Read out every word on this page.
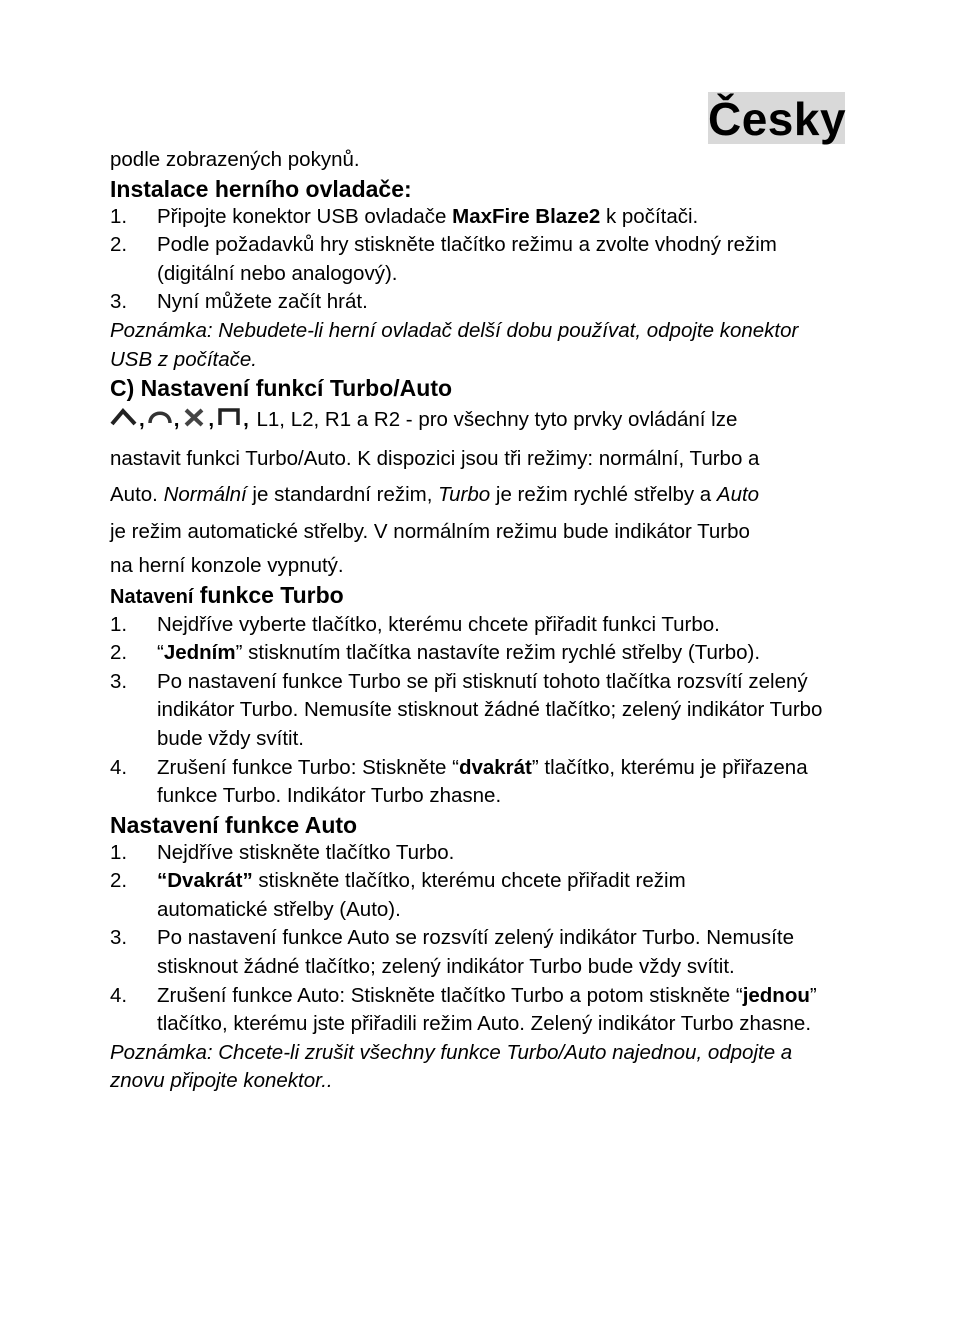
Česky

podle zobrazených pokynů.

Instalace herního ovladače:

1. Připojte konektor USB ovladače MaxFire Blaze2 k počítači.
2. Podle požadavků hry stiskněte tlačítko režimu a zvolte vhodný režim (digitální nebo analogový).
3. Nyní můžete začít hrát.

Poznámka: Nebudete-li herní ovladač delší dobu používat, odpojte konektor USB z počítače.

C) Nastavení funkcí Turbo/Auto

, , , , L1, L2, R1 a R2 - pro všechny tyto prvky ovládání lze

nastavit funkci Turbo/Auto. K dispozici jsou tři režimy: normální, Turbo a

Auto. Normální je standardní režim, Turbo je režim rychlé střelby a Auto

je režim automatické střelby. V normálním režimu bude indikátor Turbo

na herní konzole vypnutý.

Natavení funkce Turbo

1. Nejdříve vyberte tlačítko, kterému chcete přiřadit funkci Turbo.
2. “Jedním” stisknutím tlačítka nastavíte režim rychlé střelby (Turbo).
3. Po nastavení funkce Turbo se při stisknutí tohoto tlačítka rozsvítí zelený indikátor Turbo. Nemusíte stisknout žádné tlačítko; zelený indikátor Turbo bude vždy svítit.
4. Zrušení funkce Turbo: Stiskněte “dvakrát” tlačítko, kterému je přiřazena funkce Turbo. Indikátor Turbo zhasne.

Nastavení funkce Auto

1. Nejdříve stiskněte tlačítko Turbo.
2. “Dvakrát” stiskněte tlačítko, kterému chcete přiřadit režim automatické střelby (Auto).
3. Po nastavení funkce Auto se rozsvítí zelený indikátor Turbo. Nemusíte stisknout žádné tlačítko; zelený indikátor Turbo bude vždy svítit.
4. Zrušení funkce Auto: Stiskněte tlačítko Turbo a potom stiskněte “jednou” tlačítko, kterému jste přiřadili režim Auto. Zelený indikátor Turbo zhasne.

Poznámka: Chcete-li zrušit všechny funkce Turbo/Auto najednou, odpojte a znovu připojte konektor..
